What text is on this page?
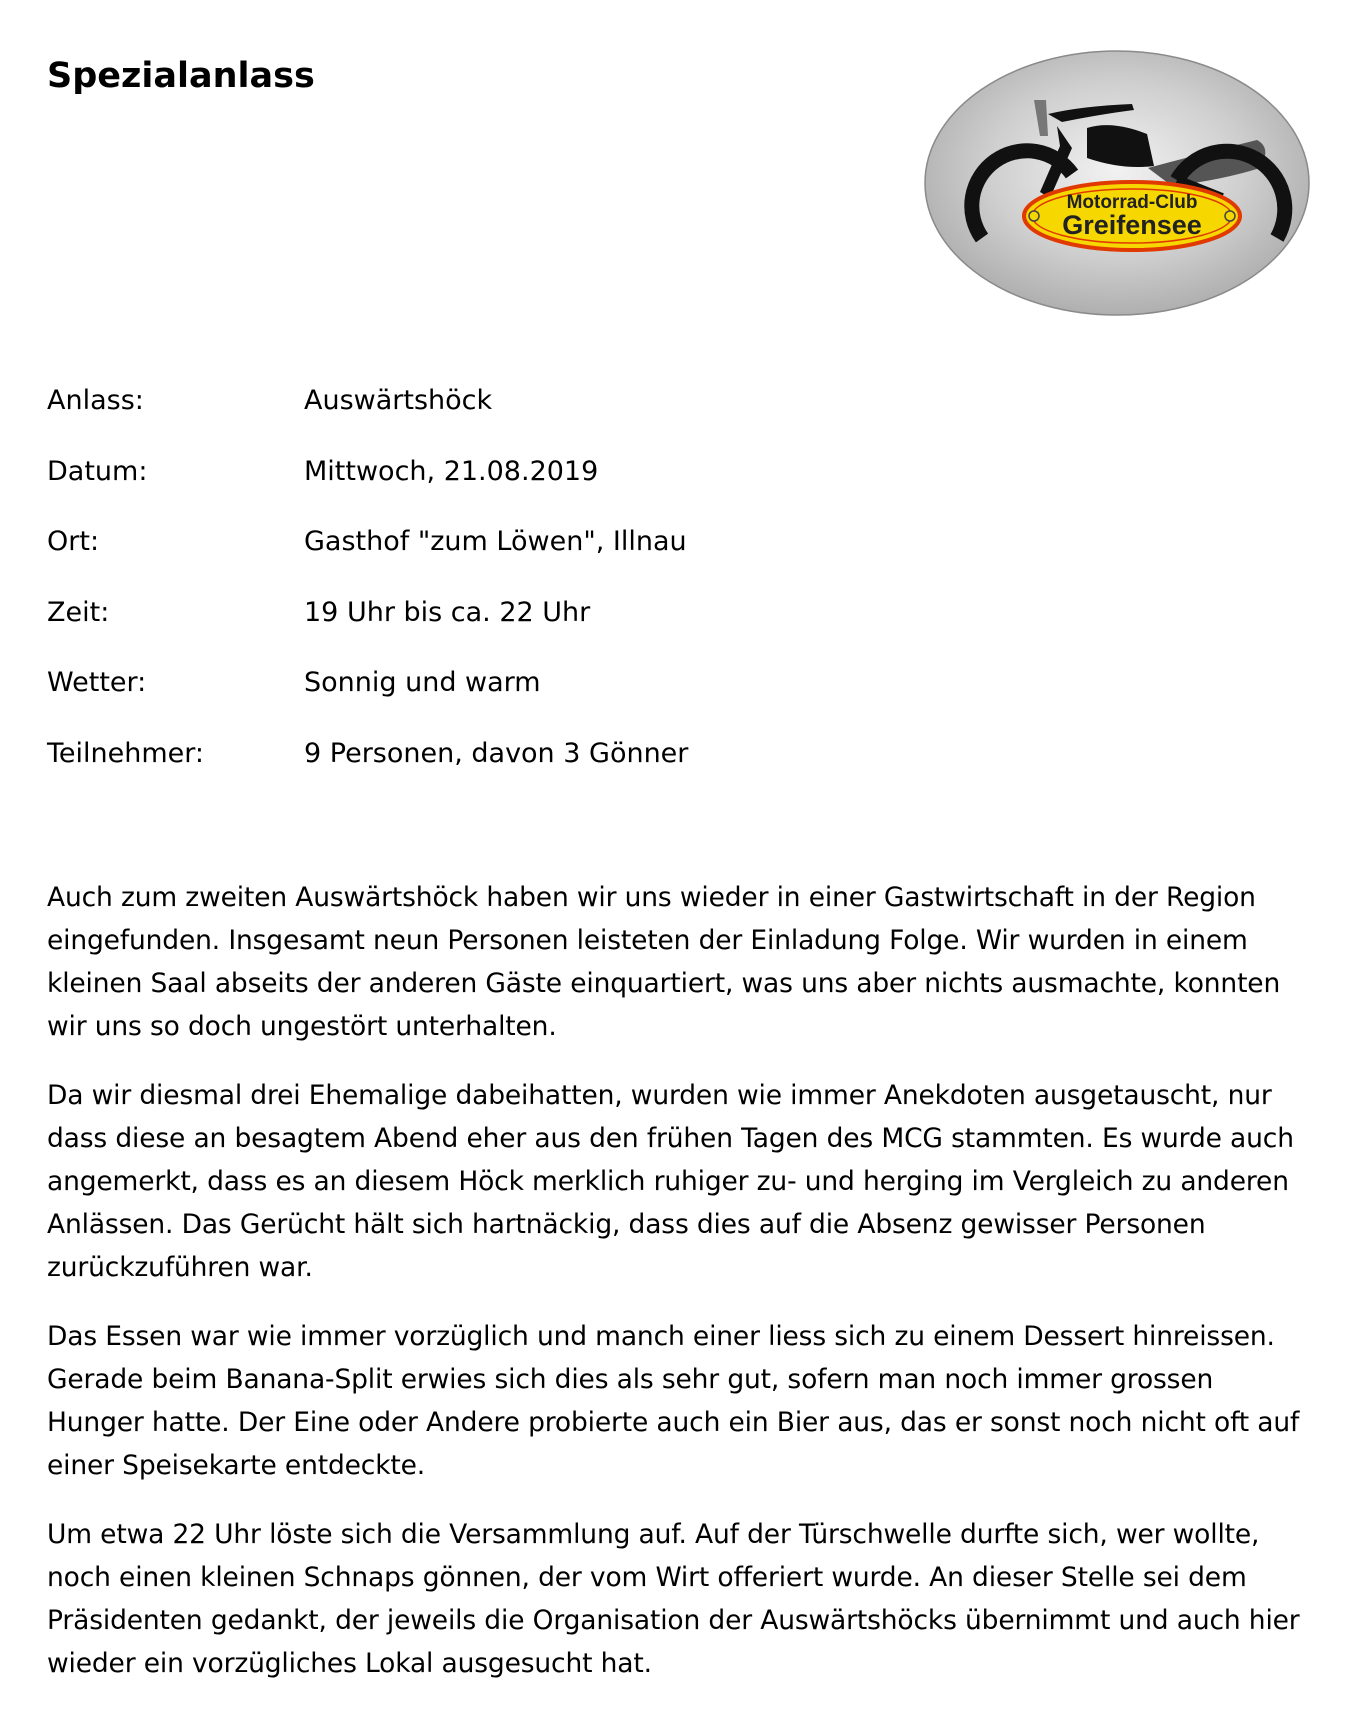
Spezialanlass
Motorrad-Club
Greifensee
Anlass:	Auswärtshöck
Datum:	Mittwoch, 21.08.2019
Ort:	Gasthof "zum Löwen", Illnau
Zeit:	19 Uhr bis ca. 22 Uhr
Wetter:	Sonnig und warm
Teilnehmer:	9 Personen, davon 3 Gönner

Auch zum zweiten Auswärtshöck haben wir uns wieder in einer Gastwirtschaft in der Region eingefunden. Insgesamt neun Personen leisteten der Einladung Folge. Wir wurden in einem kleinen Saal abseits der anderen Gäste einquartiert, was uns aber nichts ausmachte, konnten wir uns so doch ungestört unterhalten.

Da wir diesmal drei Ehemalige dabeihatten, wurden wie immer Anekdoten ausgetauscht, nur dass diese an besagtem Abend eher aus den frühen Tagen des MCG stammten. Es wurde auch angemerkt, dass es an diesem Höck merklich ruhiger zu- und herging im Vergleich zu anderen Anlässen. Das Gerücht hält sich hartnäckig, dass dies auf die Absenz gewisser Personen zurückzuführen war.

Das Essen war wie immer vorzüglich und manch einer liess sich zu einem Dessert hinreissen. Gerade beim Banana-Split erwies sich dies als sehr gut, sofern man noch immer grossen Hunger hatte. Der Eine oder Andere probierte auch ein Bier aus, das er sonst noch nicht oft auf einer Speisekarte entdeckte.

Um etwa 22 Uhr löste sich die Versammlung auf. Auf der Türschwelle durfte sich, wer wollte, noch einen kleinen Schnaps gönnen, der vom Wirt offeriert wurde. An dieser Stelle sei dem Präsidenten gedankt, der jeweils die Organisation der Auswärtshöcks übernimmt und auch hier wieder ein vorzügliches Lokal ausgesucht hat.
